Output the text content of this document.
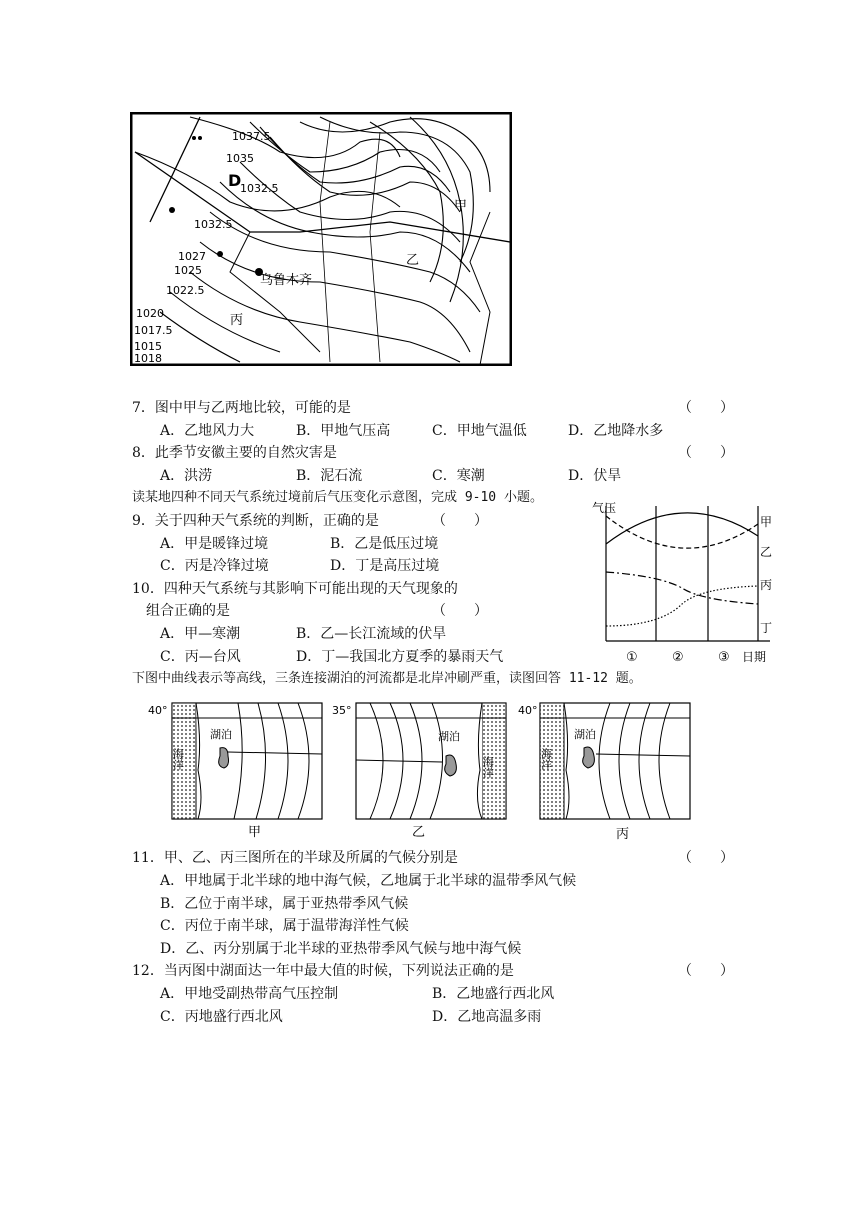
1037.5
1035
1032.5
1032.5
1027
1025
1022.5
1020
1017.5
1015
1018
D
甲
乙
丙
乌鲁木齐
7．图中甲与乙两地比较，可能的是	（　　）
A．乙地风力大	B．甲地气压高	C．甲地气温低	D．乙地降水多
8．此季节安徽主要的自然灾害是	（　　）
A．洪涝	B．泥石流	C．寒潮	D．伏旱
读某地四种不同天气系统过境前后气压变化示意图，完成 9-10 小题。
9．关于四种天气系统的判断，正确的是	（　　）
A．甲是暖锋过境	B．乙是低压过境
C．丙是冷锋过境	D．丁是高压过境
10．四种天气系统与其影响下可能出现的天气现象的
组合正确的是	（　　）
A．甲—寒潮	B．乙—长江流域的伏旱
C．丙—台风	D．丁—我国北方夏季的暴雨天气
气压
甲
乙
丙
丁
①	②	③ 日期
下图中曲线表示等高线，三条连接湖泊的河流都是北岸冲刷严重，读图回答 11-12 题。
40°
湖泊
海洋
甲
35°
湖泊
海洋
乙
40°
湖泊
海洋
丙
11．甲、乙、丙三图所在的半球及所属的气候分别是	（　　）
A．甲地属于北半球的地中海气候，乙地属于北半球的温带季风气候
B．乙位于南半球，属于亚热带季风气候
C．丙位于南半球，属于温带海洋性气候
D．乙、丙分别属于北半球的亚热带季风气候与地中海气候
12．当丙图中湖面达一年中最大值的时候，下列说法正确的是	（　　）
A．甲地受副热带高气压控制	B．乙地盛行西北风
C．丙地盛行西北风	D．乙地高温多雨
